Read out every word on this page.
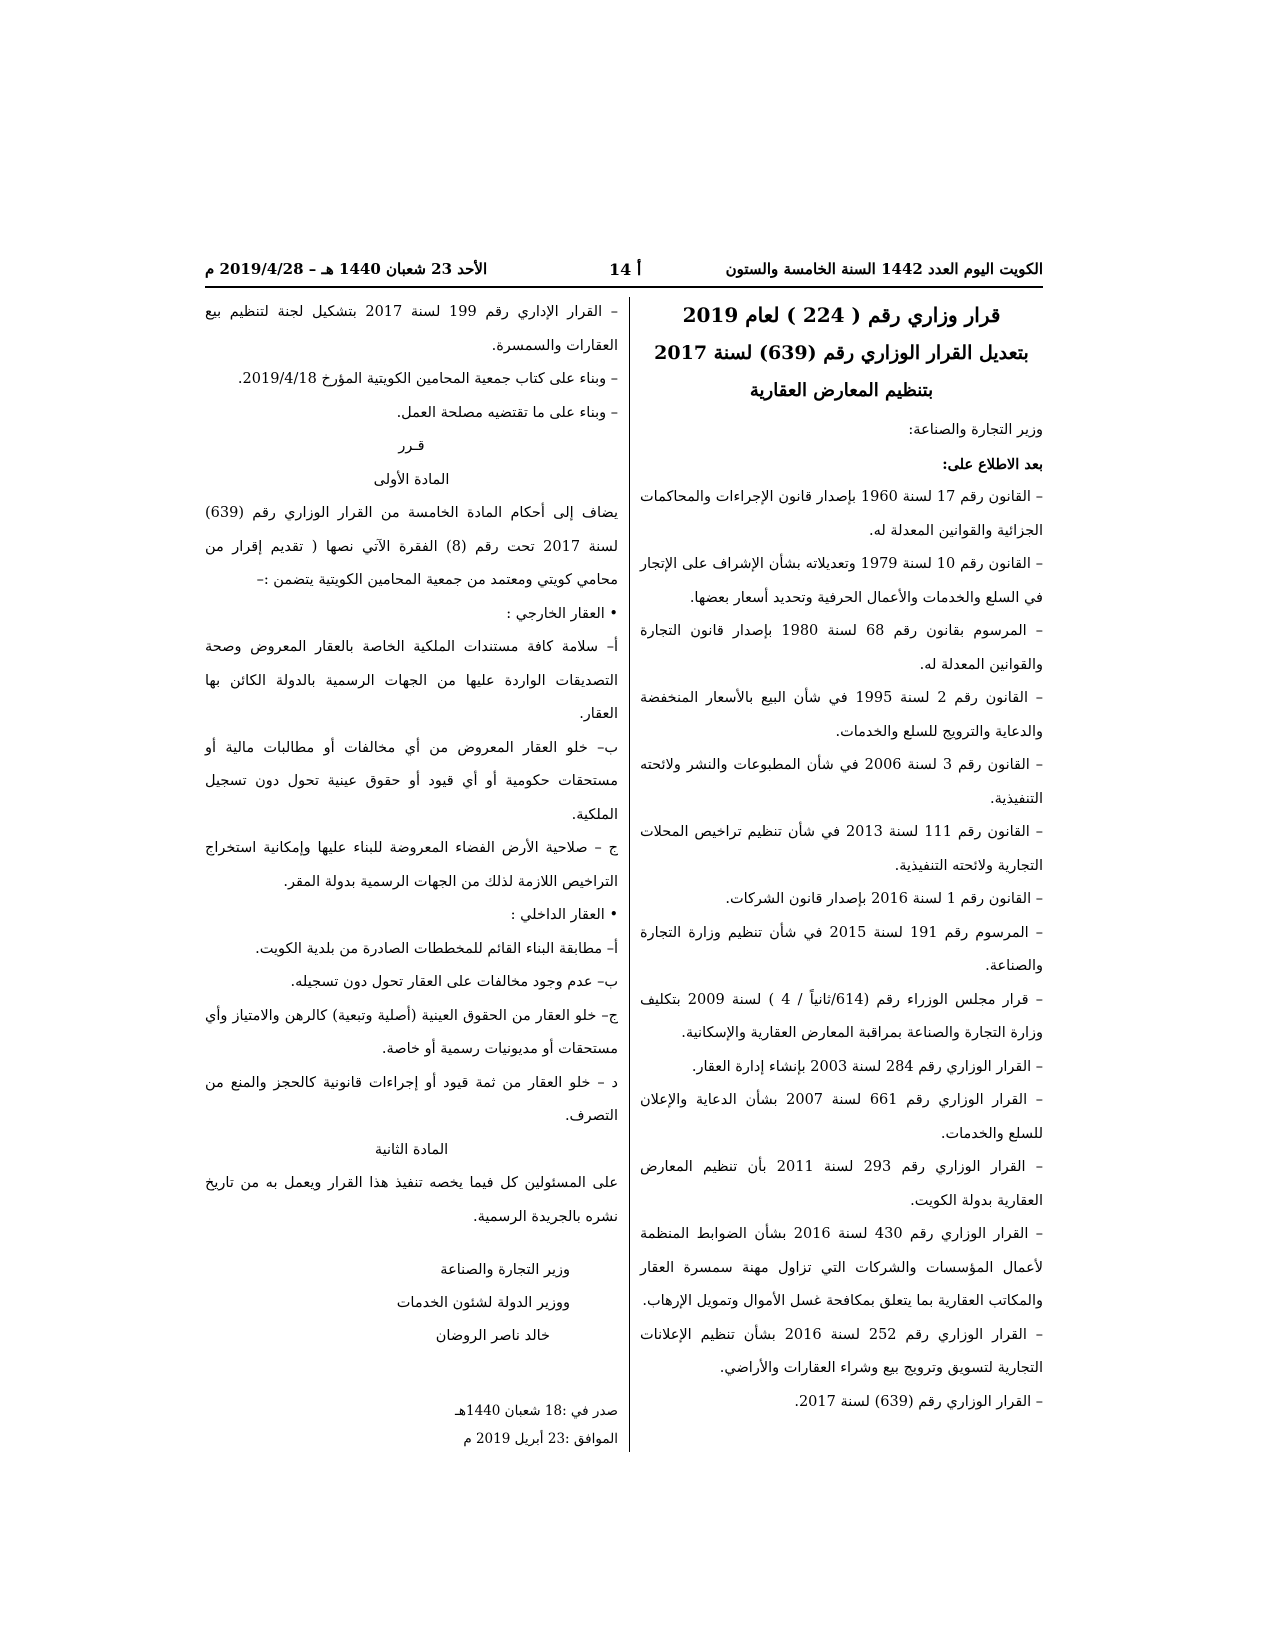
الكويت اليوم العدد 1442 السنة الخامسة والستون
أ 14
الأحد 23 شعبان 1440 هـ – 2019/4/28 م

قرار وزاري رقم ( 224 ) لعام 2019

بتعديل القرار الوزاري رقم (639) لسنة 2017

بتنظيم المعارض العقارية

وزير التجارة والصناعة:

بعد الاطلاع على:

– القانون رقم 17 لسنة 1960 بإصدار قانون الإجراءات والمحاكمات الجزائية والقوانين المعدلة له.

– القانون رقم 10 لسنة 1979 وتعديلاته بشأن الإشراف على الإتجار في السلع والخدمات والأعمال الحرفية وتحديد أسعار بعضها.

– المرسوم بقانون رقم 68 لسنة 1980 بإصدار قانون التجارة والقوانين المعدلة له.

– القانون رقم 2 لسنة 1995 في شأن البيع بالأسعار المنخفضة والدعاية والترويج للسلع والخدمات.

– القانون رقم 3 لسنة 2006 في شأن المطبوعات والنشر ولائحته التنفيذية.

– القانون رقم 111 لسنة 2013 في شأن تنظيم تراخيص المحلات التجارية ولائحته التنفيذية.

– القانون رقم 1 لسنة 2016 بإصدار قانون الشركات.

– المرسوم رقم 191 لسنة 2015 في شأن تنظيم وزارة التجارة والصناعة.

– قرار مجلس الوزراء رقم (614/ثانياً / 4 ) لسنة 2009 بتكليف وزارة التجارة والصناعة بمراقبة المعارض العقارية والإسكانية.

– القرار الوزاري رقم 284 لسنة 2003 بإنشاء إدارة العقار.

– القرار الوزاري رقم 661 لسنة 2007 بشأن الدعاية والإعلان للسلع والخدمات.

– القرار الوزاري رقم 293 لسنة 2011 بأن تنظيم المعارض العقارية بدولة الكويت.

– القرار الوزاري رقم 430 لسنة 2016 بشأن الضوابط المنظمة لأعمال المؤسسات والشركات التي تزاول مهنة سمسرة العقار والمكاتب العقارية بما يتعلق بمكافحة غسل الأموال وتمويل الإرهاب.

– القرار الوزاري رقم 252 لسنة 2016 بشأن تنظيم الإعلانات التجارية لتسويق وترويج بيع وشراء العقارات والأراضي.

– القرار الوزاري رقم (639) لسنة 2017.

– القرار الإداري رقم 199 لسنة 2017 بتشكيل لجنة لتنظيم بيع العقارات والسمسرة.

– وبناء على كتاب جمعية المحامين الكويتية المؤرخ 2019/4/18.

– وبناء على ما تقتضيه مصلحة العمل.

قـرر

المادة الأولى

يضاف إلى أحكام المادة الخامسة من القرار الوزاري رقم (639) لسنة 2017 تحت رقم (8) الفقرة الآتي نصها ( تقديم إقرار من محامي كويتي ومعتمد من جمعية المحامين الكويتية يتضمن :–

• العقار الخارجي :

أ– سلامة كافة مستندات الملكية الخاصة بالعقار المعروض وصحة التصديقات الواردة عليها من الجهات الرسمية بالدولة الكائن بها العقار.

ب– خلو العقار المعروض من أي مخالفات أو مطالبات مالية أو مستحقات حكومية أو أي قيود أو حقوق عينية تحول دون تسجيل الملكية.

ج – صلاحية الأرض الفضاء المعروضة للبناء عليها وإمكانية استخراج التراخيص اللازمة لذلك من الجهات الرسمية بدولة المقر.

• العقار الداخلي :

أ– مطابقة البناء القائم للمخططات الصادرة من بلدية الكويت.

ب– عدم وجود مخالفات على العقار تحول دون تسجيله.

ج– خلو العقار من الحقوق العينية (أصلية وتبعية) كالرهن والامتياز وأي مستحقات أو مديونيات رسمية أو خاصة.

د – خلو العقار من ثمة قيود أو إجراءات قانونية كالحجز والمنع من التصرف.

المادة الثانية

على المسئولين كل فيما يخصه تنفيذ هذا القرار ويعمل به من تاريخ نشره بالجريدة الرسمية.

وزير التجارة والصناعة

ووزير الدولة لشئون الخدمات

خالد ناصر الروضان

صدر في :18 شعبان 1440هـ

الموافق :23 أبريل 2019 م
